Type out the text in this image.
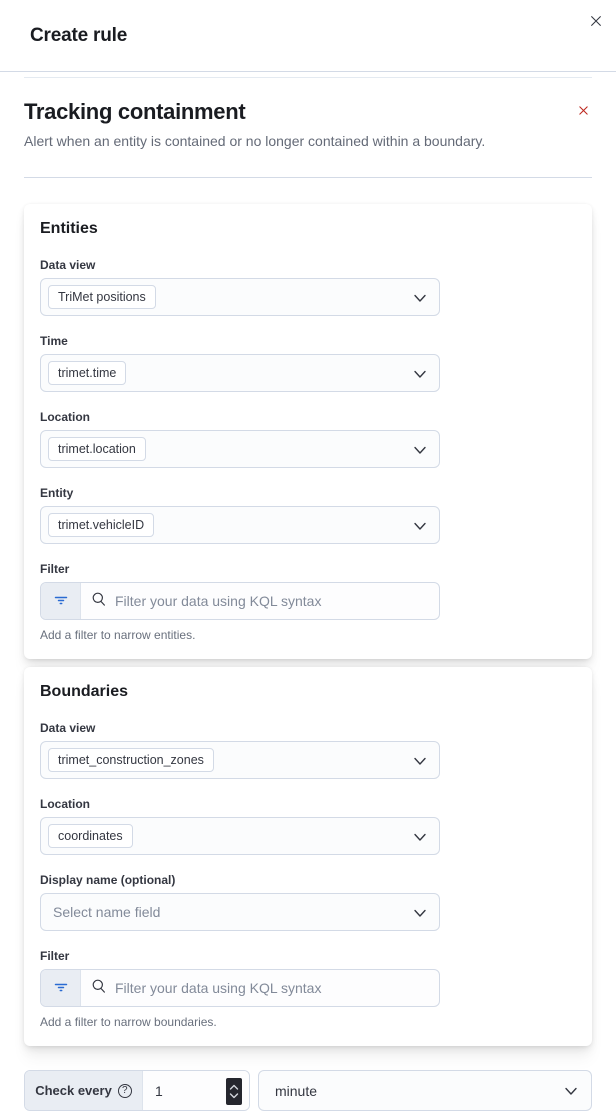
Create rule
Tracking containment
Alert when an entity is contained or no longer contained within a boundary.
Entities
Data view
TriMet positions
Time
trimet.time
Location
trimet.location
Entity
trimet.vehicleID
Filter
Filter your data using KQL syntax
Add a filter to narrow entities.
Boundaries
Data view
trimet_construction_zones
Location
coordinates
Display name (optional)
Select name field
Filter
Filter your data using KQL syntax
Add a filter to narrow boundaries.
Check every	?
1	minute
